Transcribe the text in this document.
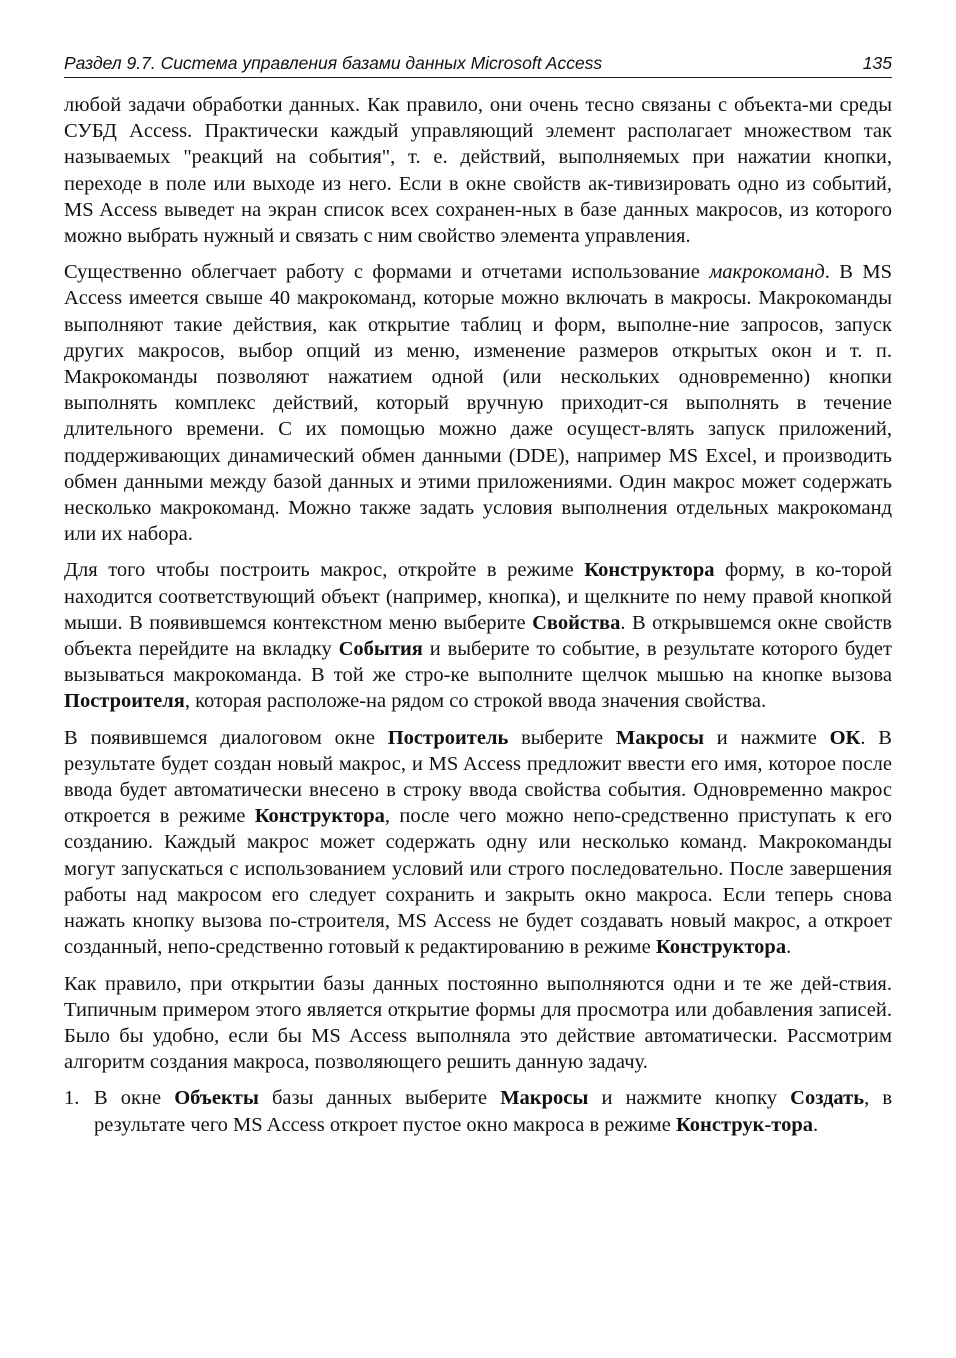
Раздел 9.7. Система управления базами данных Microsoft Access	135

любой задачи обработки данных. Как правило, они очень тесно связаны с объекта-ми среды СУБД Access. Практически каждый управляющий элемент располагает множеством так называемых "реакций на события", т. е. действий, выполняемых при нажатии кнопки, переходе в поле или выходе из него. Если в окне свойств ак-тивизировать одно из событий, MS Access выведет на экран список всех сохранен-ных в базе данных макросов, из которого можно выбрать нужный и связать с ним свойство элемента управления.

Существенно облегчает работу с формами и отчетами использование макрокоманд. В MS Access имеется свыше 40 макрокоманд, которые можно включать в макросы. Макрокоманды выполняют такие действия, как открытие таблиц и форм, выполне-ние запросов, запуск других макросов, выбор опций из меню, изменение размеров открытых окон и т. п. Макрокоманды позволяют нажатием одной (или нескольких одновременно) кнопки выполнять комплекс действий, который вручную приходит-ся выполнять в течение длительного времени. С их помощью можно даже осущест-влять запуск приложений, поддерживающих динамический обмен данными (DDE), например MS Excel, и производить обмен данными между базой данных и этими приложениями. Один макрос может содержать несколько макрокоманд. Можно также задать условия выполнения отдельных макрокоманд или их набора.

Для того чтобы построить макрос, откройте в режиме Конструктора форму, в ко-торой находится соответствующий объект (например, кнопка), и щелкните по нему правой кнопкой мыши. В появившемся контекстном меню выберите Свойства. В открывшемся окне свойств объекта перейдите на вкладку События и выберите то событие, в результате которого будет вызываться макрокоманда. В той же стро-ке выполните щелчок мышью на кнопке вызова Построителя, которая расположе-на рядом со строкой ввода значения свойства.

В появившемся диалоговом окне Построитель выберите Макросы и нажмите ОК. В результате будет создан новый макрос, и MS Access предложит ввести его имя, которое после ввода будет автоматически внесено в строку ввода свойства события. Одновременно макрос откроется в режиме Конструктора, после чего можно непо-средственно приступать к его созданию. Каждый макрос может содержать одну или несколько команд. Макрокоманды могут запускаться с использованием условий или строго последовательно. После завершения работы над макросом его следует сохранить и закрыть окно макроса. Если теперь снова нажать кнопку вызова по-строителя, MS Access не будет создавать новый макрос, а откроет созданный, непо-средственно готовый к редактированию в режиме Конструктора.

Как правило, при открытии базы данных постоянно выполняются одни и те же дей-ствия. Типичным примером этого является открытие формы для просмотра или добавления записей. Было бы удобно, если бы MS Access выполняла это действие автоматически. Рассмотрим алгоритм создания макроса, позволяющего решить данную задачу.

1. В окне Объекты базы данных выберите Макросы и нажмите кнопку Создать, в результате чего MS Access откроет пустое окно макроса в режиме Конструк-тора.
